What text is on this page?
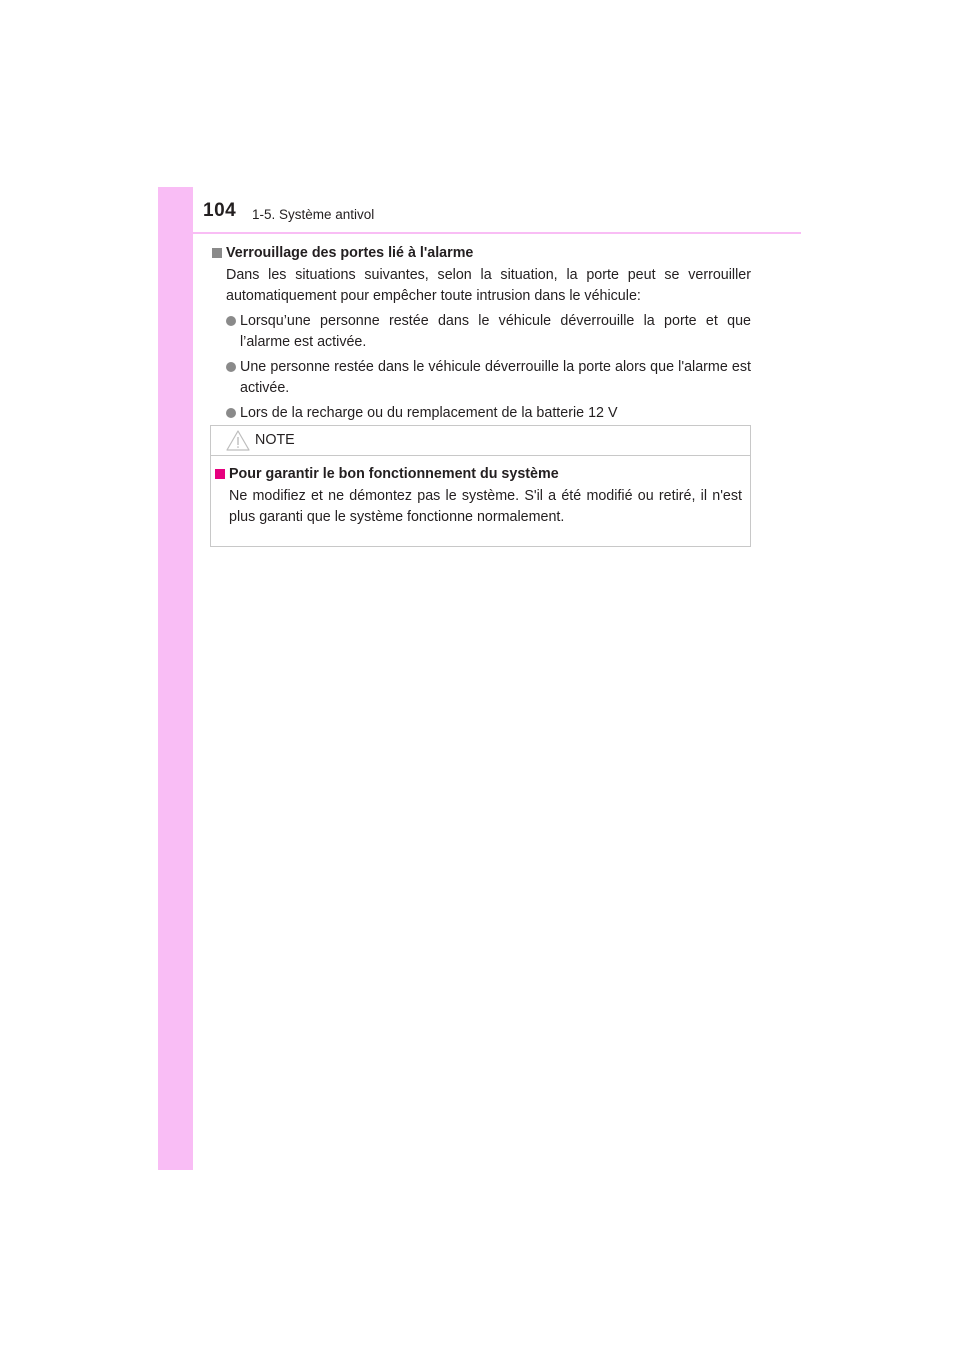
104 1-5. Système antivol
Verrouillage des portes lié à l'alarme

Dans les situations suivantes, selon la situation, la porte peut se verrouiller automatiquement pour empêcher toute intrusion dans le véhicule:

Lorsqu’une personne restée dans le véhicule déverrouille la porte et que l’alarme est activée.
Une personne restée dans le véhicule déverrouille la porte alors que l'alarme est activée.
Lors de la recharge ou du remplacement de la batterie 12 V
NOTE
Pour garantir le bon fonctionnement du système

Ne modifiez et ne démontez pas le système. S'il a été modifié ou retiré, il n'est plus garanti que le système fonctionne normalement.
